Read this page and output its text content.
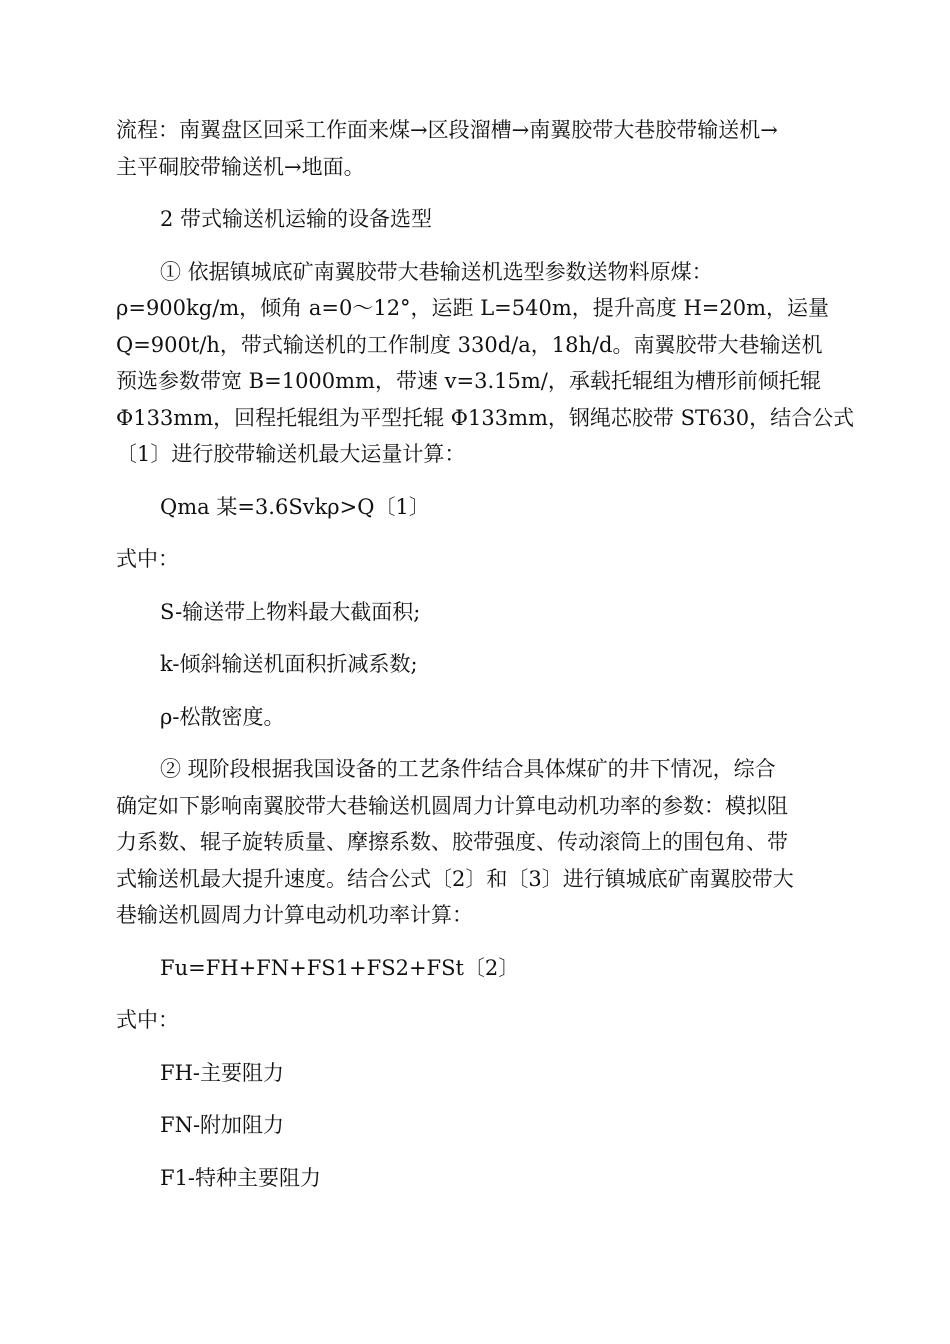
流程：南翼盘区回采工作面来煤→区段溜槽→南翼胶带大巷胶带输送机→
主平硐胶带输送机→地面。
2 带式输送机运输的设备选型
① 依据镇城底矿南翼胶带大巷输送机选型参数送物料原煤：
ρ=900kg/m，倾角 a=0～12°，运距 L=540m，提升高度 H=20m，运量
Q=900t/h，带式输送机的工作制度 330d/a，18h/d。南翼胶带大巷输送机
预选参数带宽 B=1000mm，带速 v=3.15m/，承载托辊组为槽形前倾托辊
Φ133mm，回程托辊组为平型托辊 Φ133mm，钢绳芯胶带 ST630，结合公式
〔1〕进行胶带输送机最大运量计算：
Qma 某=3.6Svkρ>Q〔1〕
式中：
S-输送带上物料最大截面积;
k-倾斜输送机面积折减系数;
ρ-松散密度。
② 现阶段根据我国设备的工艺条件结合具体煤矿的井下情况，综合
确定如下影响南翼胶带大巷输送机圆周力计算电动机功率的参数：模拟阻
力系数、辊子旋转质量、摩擦系数、胶带强度、传动滚筒上的围包角、带
式输送机最大提升速度。结合公式〔2〕和〔3〕进行镇城底矿南翼胶带大
巷输送机圆周力计算电动机功率计算：
Fu=FH+FN+FS1+FS2+FSt〔2〕
式中：
FH-主要阻力
FN-附加阻力
F1-特种主要阻力
